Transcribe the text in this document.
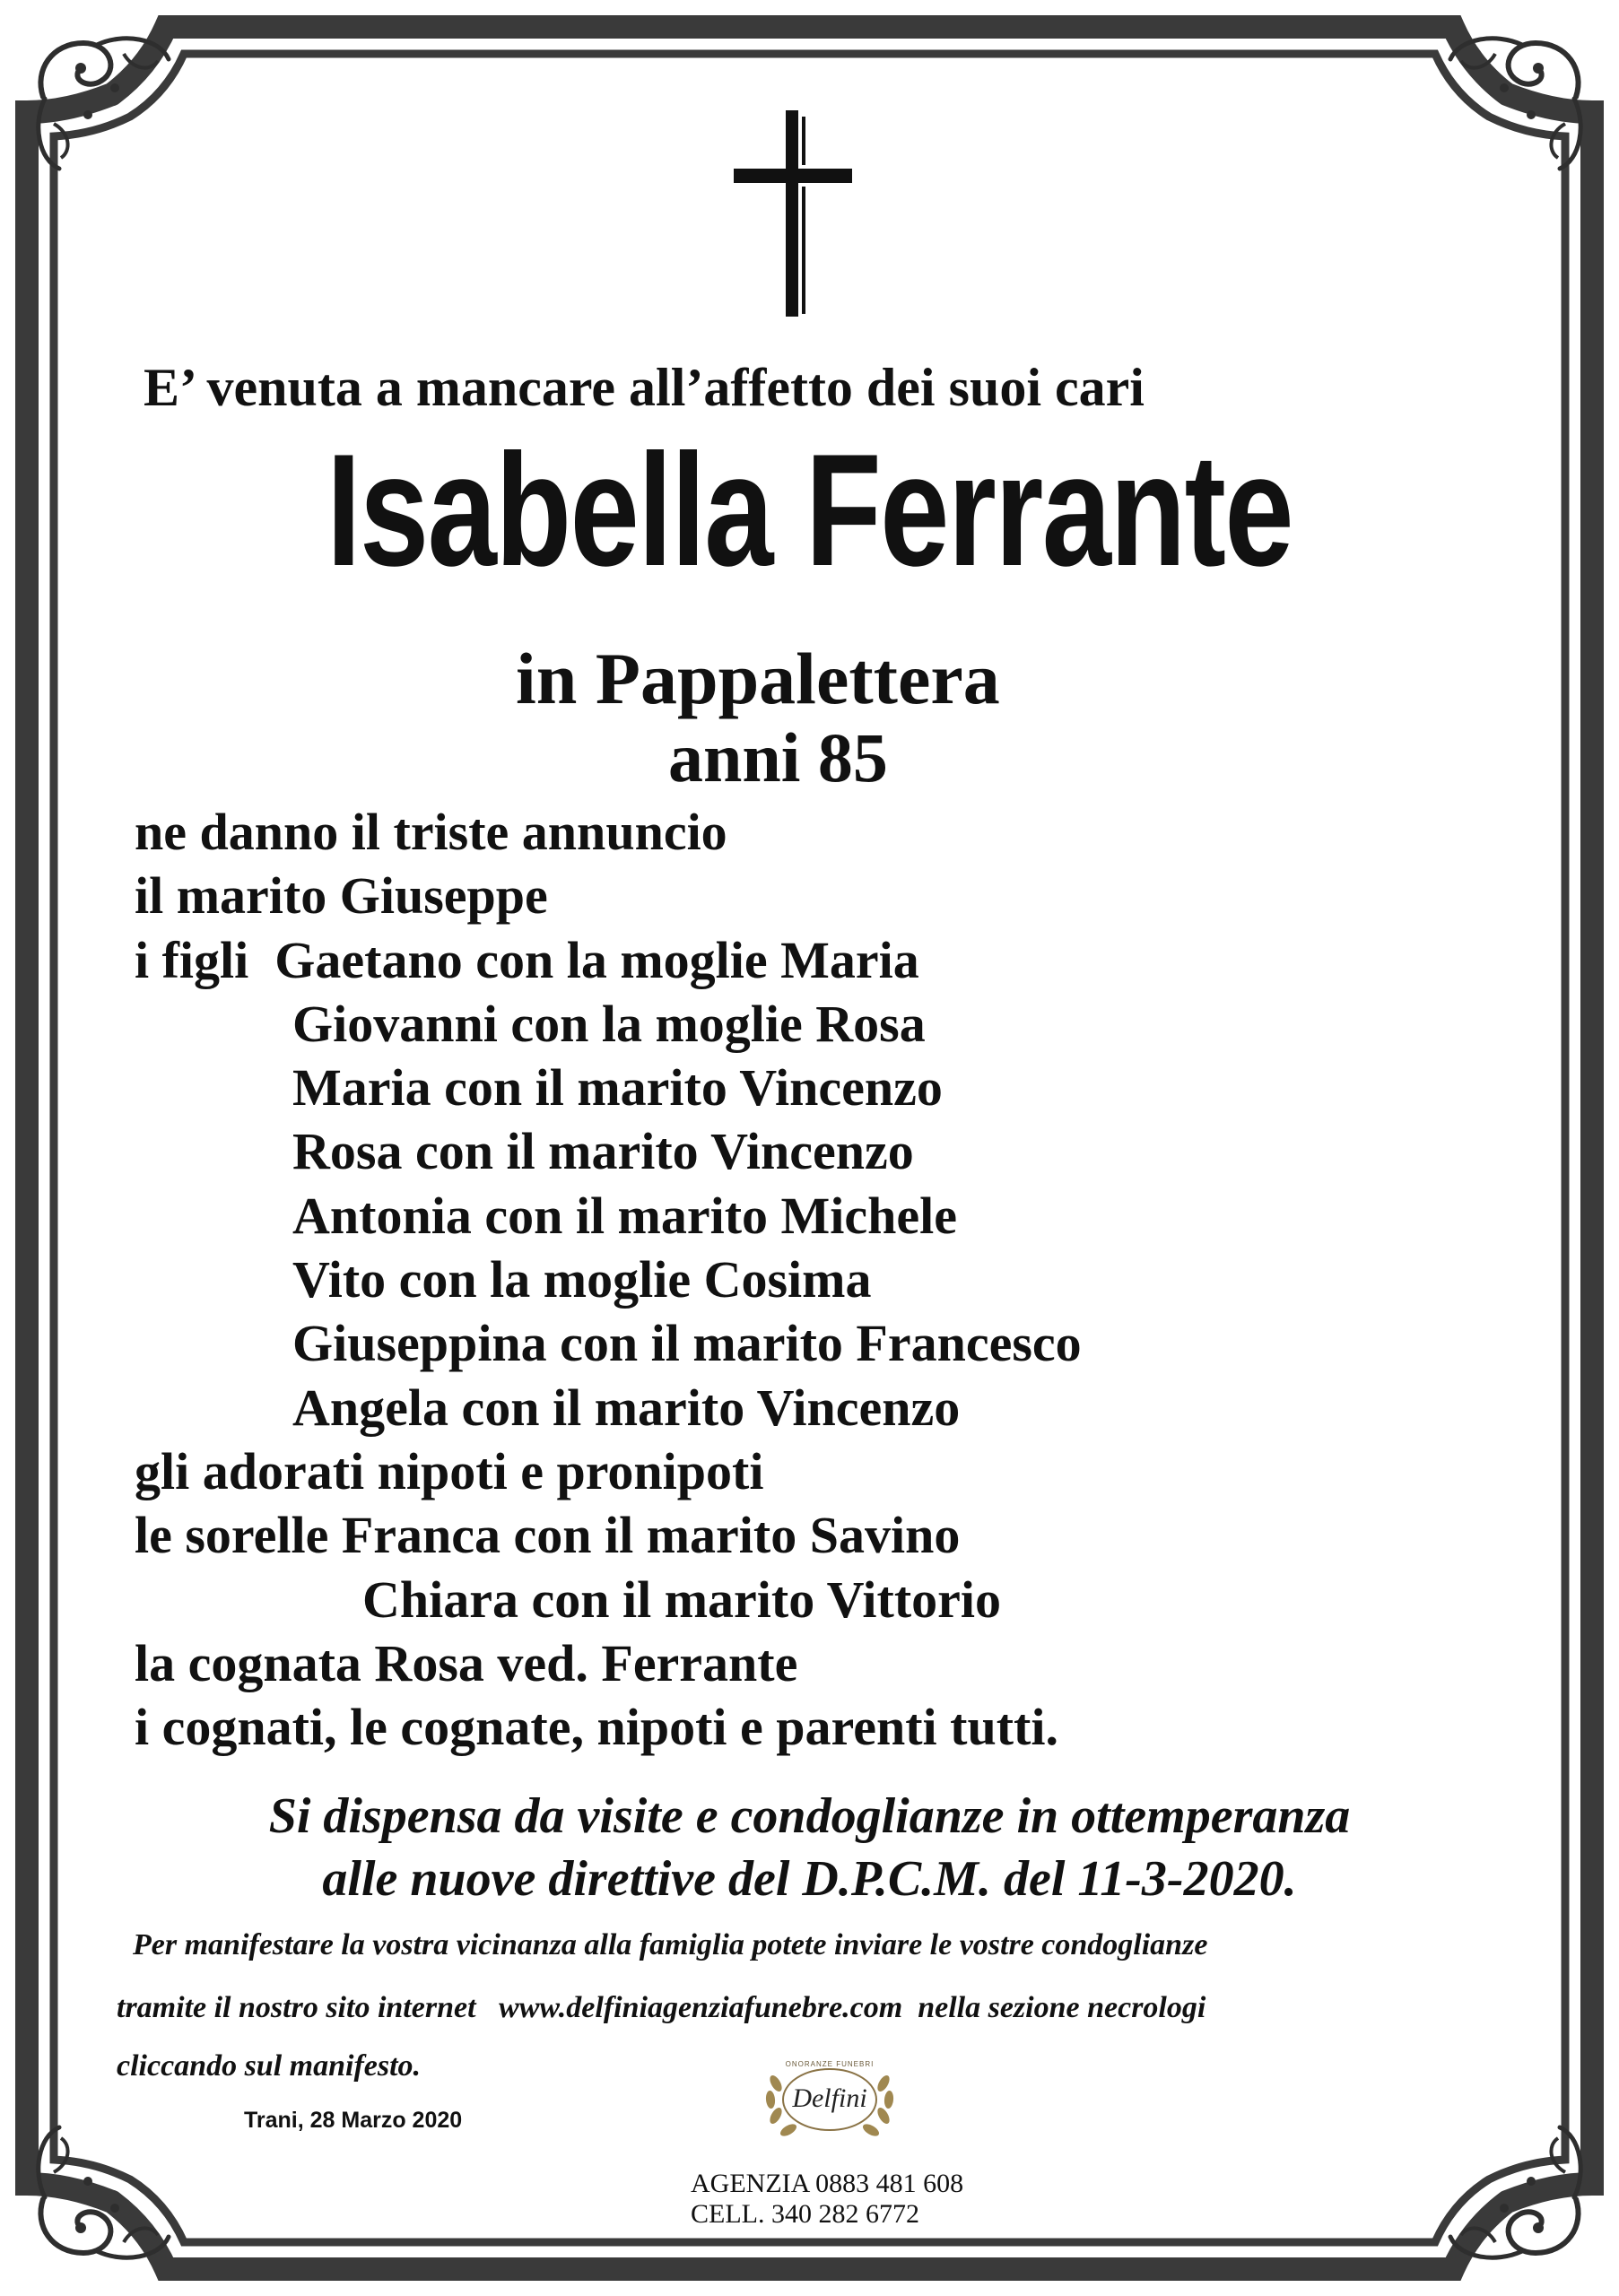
E’ venuta a mancare all’affetto dei suoi cari

Isabella Ferrante

in Pappalettera

anni 85

ne danno il triste annuncio
il marito Giuseppe
i figli  Gaetano con la moglie Maria
Giovanni con la moglie Rosa
Maria con il marito Vincenzo
Rosa con il marito Vincenzo
Antonia con il marito Michele
Vito con la moglie Cosima
Giuseppina con il marito Francesco
Angela con il marito Vincenzo
gli adorati nipoti e pronipoti
le sorelle Franca con il marito Savino
Chiara con il marito Vittorio
la cognata Rosa ved. Ferrante
i cognati, le cognate, nipoti e parenti tutti.
Si dispensa da visite e condoglianze in ottemperanza
alle nuove direttive del D.P.C.M. del 11-3-2020.

Per manifestare la vostra vicinanza alla famiglia potete inviare le vostre condoglianze

tramite il nostro sito internet   www.delfiniagenziafunebre.com  nella sezione necrologi

cliccando sul manifesto.

Trani, 28 Marzo 2020

ONORANZE FUNEBRI
Delfini
AGENZIA 0883 481 608
CELL. 340 282 6772
